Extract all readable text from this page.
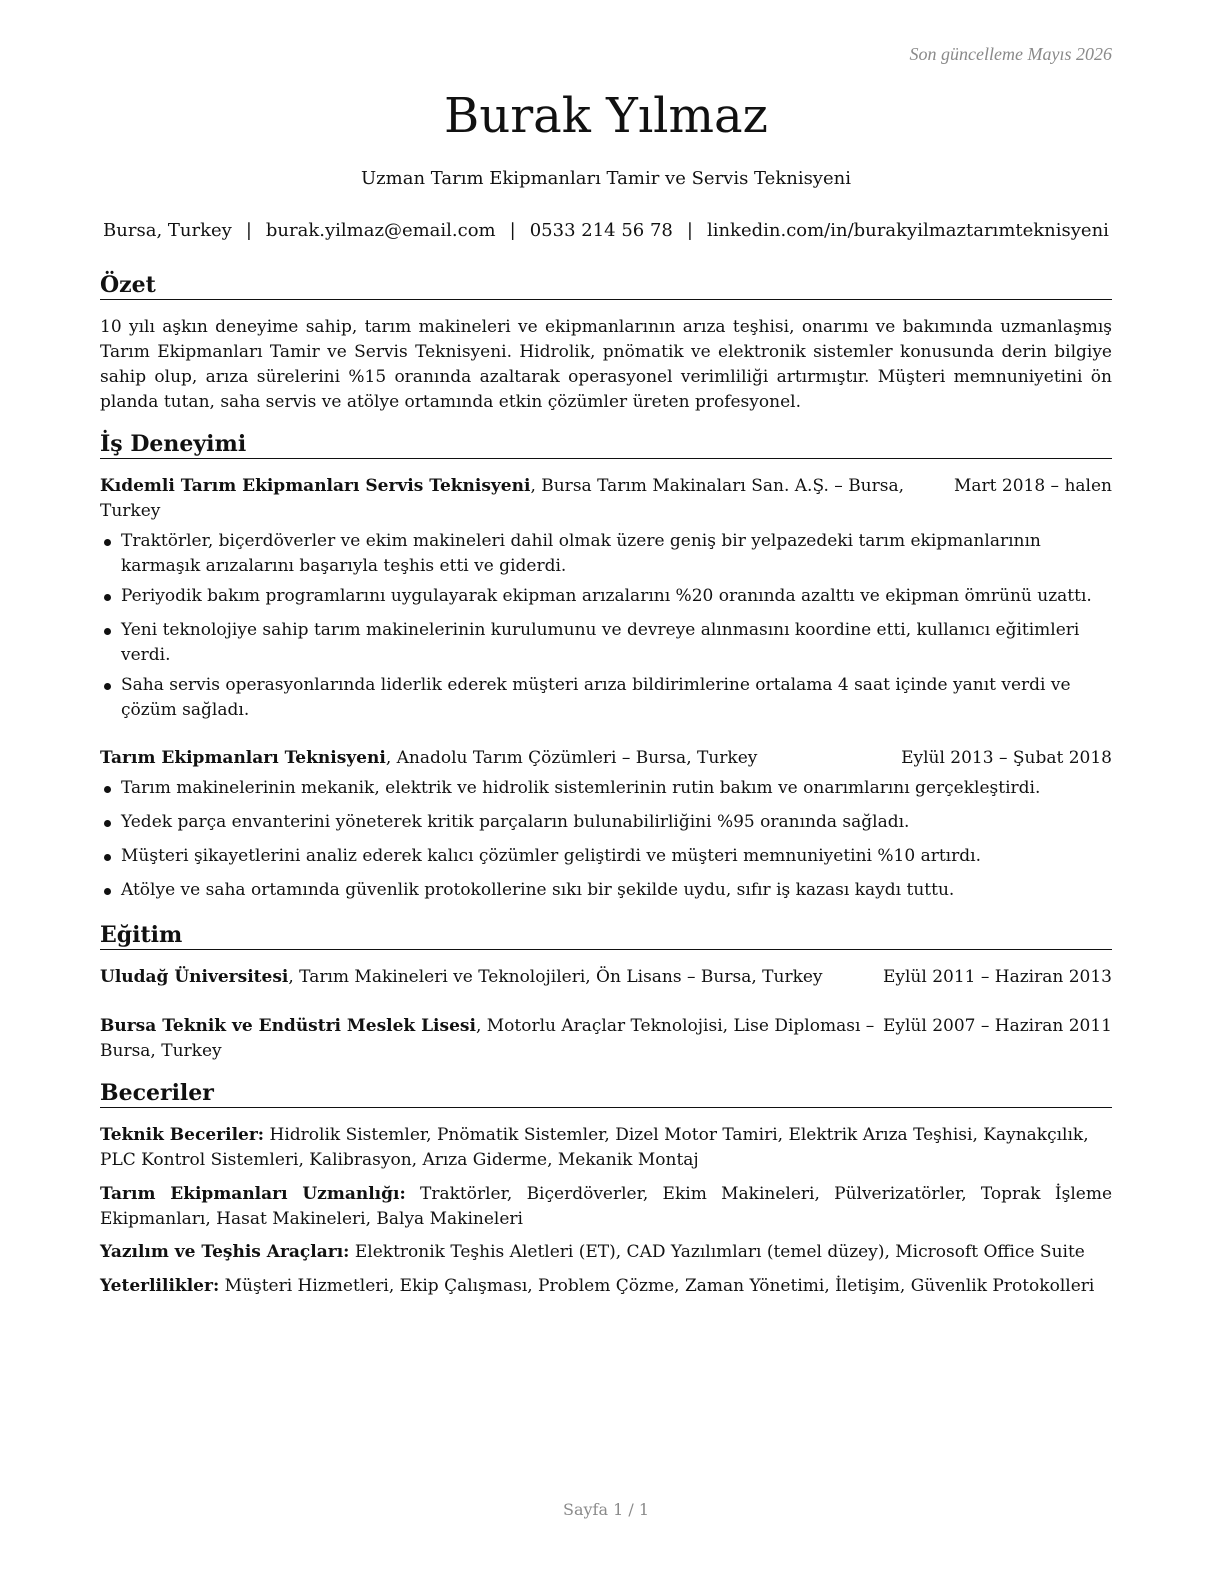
Son güncelleme Mayıs 2026
Burak Yılmaz
Uzman Tarım Ekipmanları Tamir ve Servis Teknisyeni
Bursa, Turkey | burak.yilmaz@email.com | 0533 214 56 78 | linkedin.com/in/burakyilmaztarımteknisyeni
Özet
10 yılı aşkın deneyime sahip, tarım makineleri ve ekipmanlarının arıza teşhisi, onarımı ve bakımında uzmanlaşmış Tarım Ekipmanları Tamir ve Servis Teknisyeni. Hidrolik, pnömatik ve elektronik sistemler konusunda derin bilgiye sahip olup, arıza sürelerini %15 oranında azaltarak operasyonel verimliliği artırmıştır. Müşteri memnuniyetini ön planda tutan, saha servis ve atölye ortamında etkin çözümler üreten profesyonel.
İş Deneyimi
Kıdemli Tarım Ekipmanları Servis Teknisyeni, Bursa Tarım Makinaları San. A.Ş. – Bursa,
Turkey
Mart 2018 – halen
Traktörler, biçerdöverler ve ekim makineleri dahil olmak üzere geniş bir yelpazedeki tarım ekipmanlarının karmaşık arızalarını başarıyla teşhis etti ve giderdi.
Periyodik bakım programlarını uygulayarak ekipman arızalarını %20 oranında azalttı ve ekipman ömrünü uzattı.
Yeni teknolojiye sahip tarım makinelerinin kurulumunu ve devreye alınmasını koordine etti, kullanıcı eğitimleri verdi.
Saha servis operasyonlarında liderlik ederek müşteri arıza bildirimlerine ortalama 4 saat içinde yanıt verdi ve çözüm sağladı.
Tarım Ekipmanları Teknisyeni, Anadolu Tarım Çözümleri – Bursa, Turkey	Eylül 2013 – Şubat 2018
Tarım makinelerinin mekanik, elektrik ve hidrolik sistemlerinin rutin bakım ve onarımlarını gerçekleştirdi.
Yedek parça envanterini yöneterek kritik parçaların bulunabilirliğini %95 oranında sağladı.
Müşteri şikayetlerini analiz ederek kalıcı çözümler geliştirdi ve müşteri memnuniyetini %10 artırdı.
Atölye ve saha ortamında güvenlik protokollerine sıkı bir şekilde uydu, sıfır iş kazası kaydı tuttu.
Eğitim
Uludağ Üniversitesi, Tarım Makineleri ve Teknolojileri, Ön Lisans – Bursa, Turkey	Eylül 2011 – Haziran 2013
Bursa Teknik ve Endüstri Meslek Lisesi, Motorlu Araçlar Teknolojisi, Lise Diploması –
Bursa, Turkey
Eylül 2007 – Haziran 2011
Beceriler
Teknik Beceriler: Hidrolik Sistemler, Pnömatik Sistemler, Dizel Motor Tamiri, Elektrik Arıza Teşhisi, Kaynakçılık, PLC Kontrol Sistemleri, Kalibrasyon, Arıza Giderme, Mekanik Montaj
Tarım Ekipmanları Uzmanlığı: Traktörler, Biçerdöverler, Ekim Makineleri, Pülverizatörler, Toprak İşleme Ekipmanları, Hasat Makineleri, Balya Makineleri
Yazılım ve Teşhis Araçları: Elektronik Teşhis Aletleri (ET), CAD Yazılımları (temel düzey), Microsoft Office Suite
Yeterlilikler: Müşteri Hizmetleri, Ekip Çalışması, Problem Çözme, Zaman Yönetimi, İletişim, Güvenlik Protokolleri
Sayfa 1 / 1
